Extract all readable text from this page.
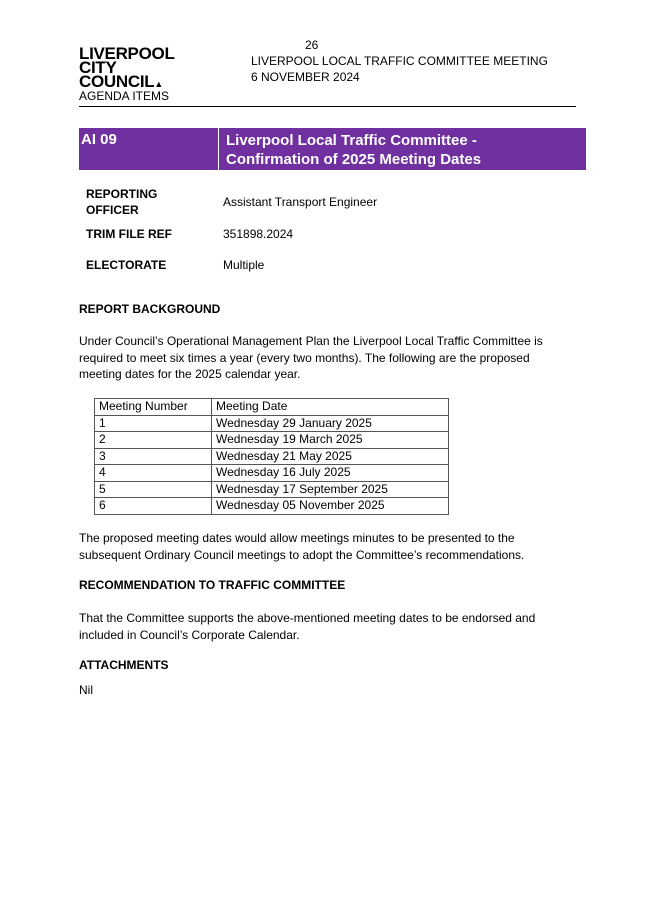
LIVERPOOL
CITY
COUNCIL▲
AGENDA ITEMS
26
LIVERPOOL LOCAL TRAFFIC COMMITTEE MEETING
6 NOVEMBER 2024
AI 09	Liverpool Local Traffic Committee -
Confirmation of 2025 Meeting Dates
REPORTING
OFFICER
Assistant Transport Engineer
TRIM FILE REF	351898.2024
ELECTORATE	Multiple
REPORT BACKGROUND
Under Council’s Operational Management Plan the Liverpool Local Traffic Committee is
required to meet six times a year (every two months). The following are the proposed
meeting dates for the 2025 calendar year.
Meeting Number	Meeting Date
1	Wednesday 29 January 2025
2	Wednesday 19 March 2025
3	Wednesday 21 May 2025
4	Wednesday 16 July 2025
5	Wednesday 17 September 2025
6	Wednesday 05 November 2025
The proposed meeting dates would allow meetings minutes to be presented to the
subsequent Ordinary Council meetings to adopt the Committee’s recommendations.
RECOMMENDATION TO TRAFFIC COMMITTEE
That the Committee supports the above-mentioned meeting dates to be endorsed and
included in Council’s Corporate Calendar.
ATTACHMENTS
Nil
